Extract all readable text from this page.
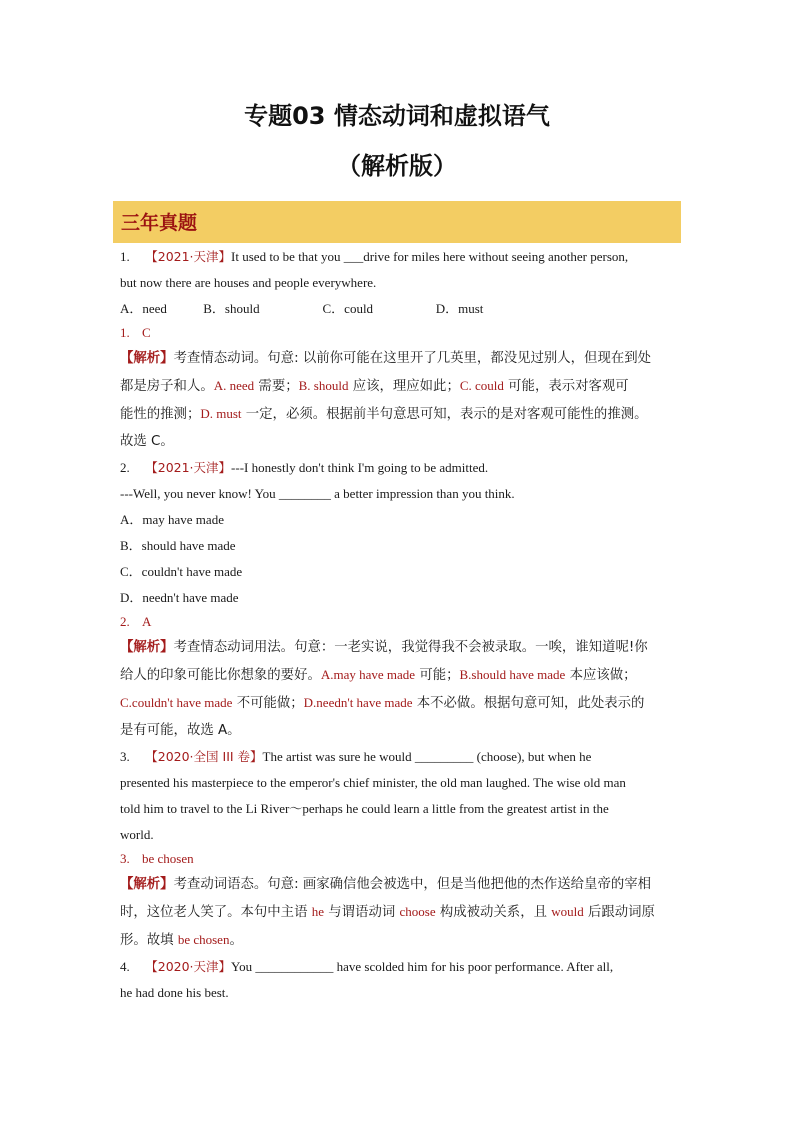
专题03 情态动词和虚拟语气
（解析版）
三年真题
1. 【2021·天津】It used to be that you ___drive for miles here without seeing another person,
but now there are houses and people everywhere.
A．need	B．should	C．could	D．must
1. C
【解析】考查情态动词。句意: 以前你可能在这里开了几英里，都没见过别人，但现在到处
都是房子和人。A. need 需要；B. should 应该，理应如此；C. could 可能，表示对客观可
能性的推测；D. must 一定，必须。根据前半句意思可知，表示的是对客观可能性的推测。
故选 C。
2. 【2021·天津】---I honestly don't think I'm going to be admitted.
---Well, you never know! You ________ a better impression than you think.
A．may have made
B．should have made
C．couldn't have made
D．needn't have made
2. A
【解析】考查情态动词用法。句意：一老实说，我觉得我不会被录取。一唉，谁知道呢!你
给人的印象可能比你想象的要好。A.may have made 可能；B.should have made 本应该做；
C.couldn't have made 不可能做；D.needn't have made 本不必做。根据句意可知，此处表示的
是有可能，故选 A。
3. 【2020·全国 III 卷】The artist was sure he would _________ (choose), but when he
presented his masterpiece to the emperor's chief minister, the old man laughed. The wise old man
told him to travel to the Li River～perhaps he could learn a little from the greatest artist in the
world.
3. be chosen
【解析】考查动词语态。句意: 画家确信他会被选中，但是当他把他的杰作送给皇帝的宰相
时，这位老人笑了。本句中主语 he 与谓语动词 choose 构成被动关系，且 would 后跟动词原
形。故填 be chosen。
4. 【2020·天津】You ____________ have scolded him for his poor performance. After all,
he had done his best.
